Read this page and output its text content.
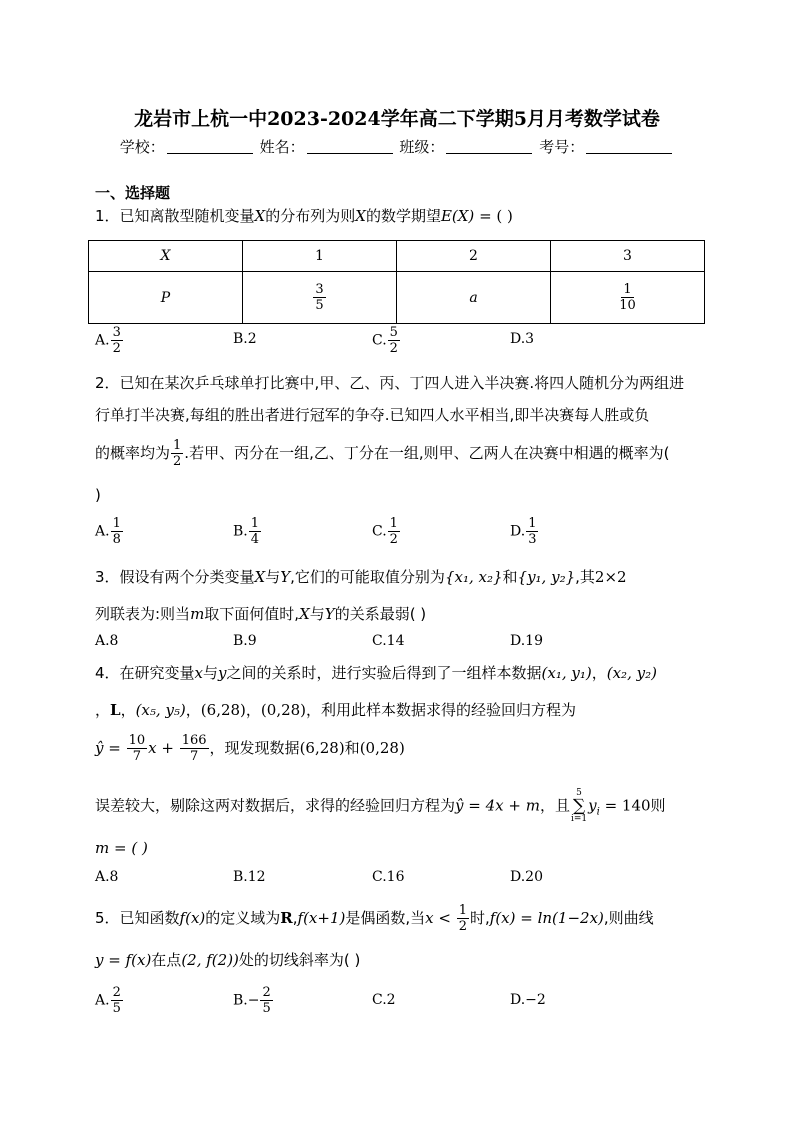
龙岩市上杭一中2023-2024学年高二下学期5月月考数学试卷
学校：	姓名：	班级：	考号：
一、选择题
1．已知离散型随机变量X的分布列为则X的数学期望E(X) = ( )
X	1	2	3
P	$\frac{3}{5}$	a	$\frac{1}{10}$
A. $\frac{3}{2}$	B.2	C. $\frac{5}{2}$	D.3
2．已知在某次乒乓球单打比赛中,甲、乙、丙、丁四人进入半决赛.将四人随机分为两组进
行单打半决赛,每组的胜出者进行冠军的争夺.已知四人水平相当,即半决赛每人胜或负
的概率均为 $\frac{1}{2}$ .若甲、丙分在一组,乙、丁分在一组,则甲、乙两人在决赛中相遇的概率为(
)
A. $\frac{1}{8}$	B. $\frac{1}{4}$	C. $\frac{1}{2}$	D. $\frac{1}{3}$
3．假设有两个分类变量X与Y,它们的可能取值分别为{x₁, x₂}和{y₁, y₂},其2×2
列联表为:则当m取下面何值时,X与Y的关系最弱( )
A.8	B.9	C.14	D.19
4．在研究变量x与y之间的关系时，进行实验后得到了一组样本数据(x₁, y₁)，(x₂, y₂)
，L，(x₅, y₅)，(6,28)，(0,28)，利用此样本数据求得的经验回归方程为
ŷ = $\frac{10}{7}$ $x + \frac{166}{7}$ ，现发现数据(6,28)和(0,28)
误差较大，剔除这两对数据后，求得的经验回归方程为ŷ = 4x + m，且
5
∑
i=1
$y_i = 140$则
m = ( )
A.8	B.12	C.16	D.20
5．已知函数f(x)的定义域为R,f(x+1)是偶函数,当$x < \frac{1}{2}$ 时,f(x) = ln(1−2x),则曲线
y = f(x)在点(2, f(2))处的切线斜率为( )
A. $\frac{2}{5}$	$B.- \frac{2}{5}$	C.2	D.−2
